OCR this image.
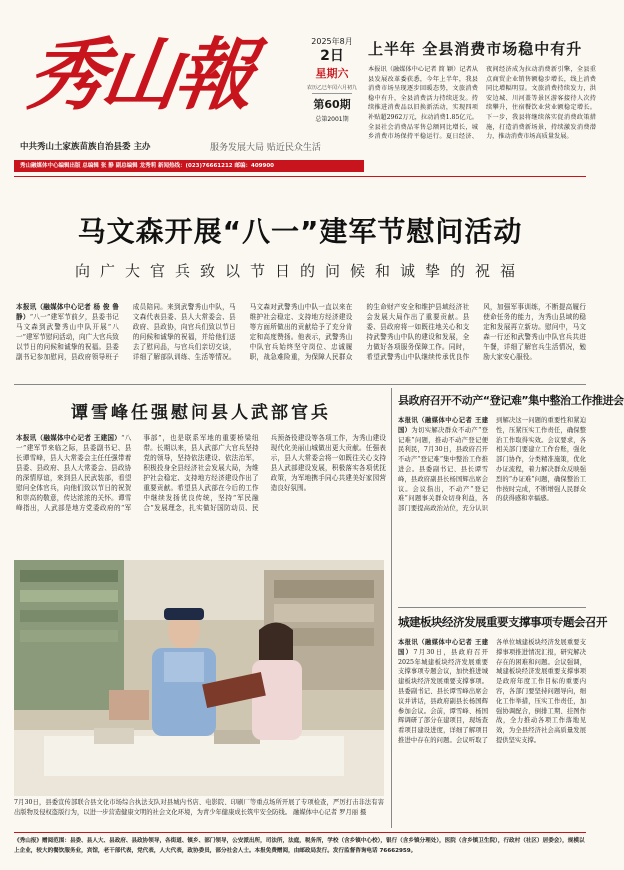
秀山報	2025年8月
2日
星期六
农历乙巳年闰六月初九
第60期
总第2001期
上半年 全县消费市场稳中有升

本报讯（融媒体中心记者 简 颖）记者从县发展改革委获悉，今年上半年，我县消费市场呈现逐步回暖态势，文旅消费稳中有升，全县消费活力持续迸发。持续推进消费品以旧换新活动，实现四项补贴超2962万元，拉动消费1.85亿元。全县社会消费品零售总额同比增长，城乡消费市场保持平稳运行。夏日经济、夜间经济成为拉动消费新引擎，全县重点商贸企业销售额稳步增长，线上消费同比增幅明显。文旅消费持续发力，洪安边城、川河盖等景区游客接待人次持续攀升，住宿餐饮业营业额稳定增长。下一步，我县将继续落实促消费政策措施，打造消费新场景，持续激发消费潜力，推动消费市场高质量发展。

中共秀山土家族苗族自治县委 主办	服务发展大局 贴近民众生活
秀山融媒体中心编辑出版 总编辑 张 静 副总编辑 龙秀莉 新闻热线：(023)76661212 邮编：409900
马文森开展“八一”建军节慰问活动
向广大官兵致以节日的问候和诚挚的祝福
本报讯（融媒体中心记者 杨 俊 鲁 静）“八一”建军节前夕，县委书记马文森到武警秀山中队开展“八一”建军节慰问活动，向广大官兵致以节日的问候和诚挚的祝福。县委副书记参加慰问，县政府领导班子成员陪同。来到武警秀山中队，马文森代表县委、县人大常委会、县政府、县政协，向官兵们致以节日的问候和诚挚的祝福，并给他们送去了慰问品，与官兵们亲切交谈，详细了解部队训练、生活等情况。马文森对武警秀山中队一直以来在维护社会稳定、支持地方经济建设等方面所做出的贡献给予了充分肯定和高度赞扬。他表示，武警秀山中队官兵始终坚守岗位、忠诚履职，战急难险重，为保障人民群众的生命财产安全和维护县域经济社会发展大局作出了重要贡献。县委、县政府将一如既往地关心和支持武警秀山中队的建设和发展，全力做好各项服务保障工作。同时，希望武警秀山中队继续传承优良作风，加强军事训练，不断提高履行使命任务的能力，为秀山县域的稳定和发展再立新功。慰问中，马文森一行还和武警秀山中队官兵共进午餐，详细了解官兵生活情况，勉励大家安心服役。
谭雪峰任强慰问县人武部官兵
本报讯（融媒体中心记者 王建国）“八一”建军节来临之际，县委副书记、县长谭雪峰，县人大常委会主任任强带着县委、县政府、县人大常委会、县政协的深情厚谊，来到县人民武装部，看望慰问全体官兵，向他们致以节日的祝贺和崇高的敬意，传达浓浓的关怀。谭雪峰指出，人武部是地方党委政府的“军事部”，也是联系军地的重要桥梁纽带。长期以来，县人武部广大官兵坚持党的领导，坚持依法建设、依法治军，积极投身全县经济社会发展大局，为维护社会稳定、支持地方经济建设作出了重要贡献。希望县人武部在今后的工作中继续发扬优良传统，坚持“军民融合”发展理念，扎实做好国防动员、民兵预备役建设等各项工作，为秀山建设现代化美丽山城做出更大贡献。任强表示，县人大常委会将一如既往关心支持县人武部建设发展，积极落实各项优抚政策，为军地携手同心共建美好家园营造良好氛围。

7月30日，县委宣传部联合县文化市场综合执法支队对县城内书店、电影院、印刷厂等重点场所开展了专项检查，严厉打击非法有害出版物及侵权盗版行为，以进一步营造健康文明的社会文化环境，为青少年健康成长筑牢安全防线。 融媒体中心记者 罗月丽 摄

县政府召开不动产“登记难”集中整治工作推进会
本报讯（融媒体中心记者 王建国）为切实解决群众不动产“登记难”问题，推动不动产登记便民利民，7月30日，县政府召开不动产“登记难”集中整治工作推进会。县委副书记、县长谭雪峰，县政府副县长杨国辉出席会议。会议指出，不动产“登记难”问题事关群众切身利益，各部门要提高政治站位，充分认识到解决这一问题的重要性和紧迫性，压紧压实工作责任，确保整治工作取得实效。会议要求，各相关部门要建立工作台账，强化部门协作，分类精准施策，优化办证流程，着力解决群众反映强烈的“办证难”问题，确保整治工作按时完成，不断增强人民群众的获得感和幸福感。
城建板块经济发展重要支撑事项专题会召开
本报讯（融媒体中心记者 王建国）7月30日，县政府召开2025年城建板块经济发展重要支撑事项专题会议，加快推进城建板块经济发展重要支撑事项。县委副书记、县长谭雪峰出席会议并讲话，县政府副县长杨国辉参加会议。会前，谭雪峰、杨国辉调研了部分在建项目，现场查看项目建设进度，详细了解项目推进中存在的问题。会议听取了各单位城建板块经济发展重要支撑事项推进情况汇报，研究解决存在的困难和问题。会议强调，城建板块经济发展重要支撑事项是政府年度工作目标的重要内容，各部门要坚持问题导向，细化工作举措，压实工作责任，加强协调配合，倒排工期、挂图作战，全力推动各项工作落地见效，为全县经济社会高质量发展提供坚实支撑。
《秀山报》赠阅范围：县委、县人大、县政府、县政协领导，各街道、镇乡、部门领导，公安派出所，司法所，法庭，税务所，学校（含乡镇中心校），银行（含乡镇分理处），医院（含乡镇卫生院），行政村（社区）居委会），规模以上企业，较大的餐饮服务业，宾馆，老干部代表，党代表，人大代表，政协委员，部分社会人士。本报免费赠阅，由邮政局发行。发行监督咨询电话 76662959。
